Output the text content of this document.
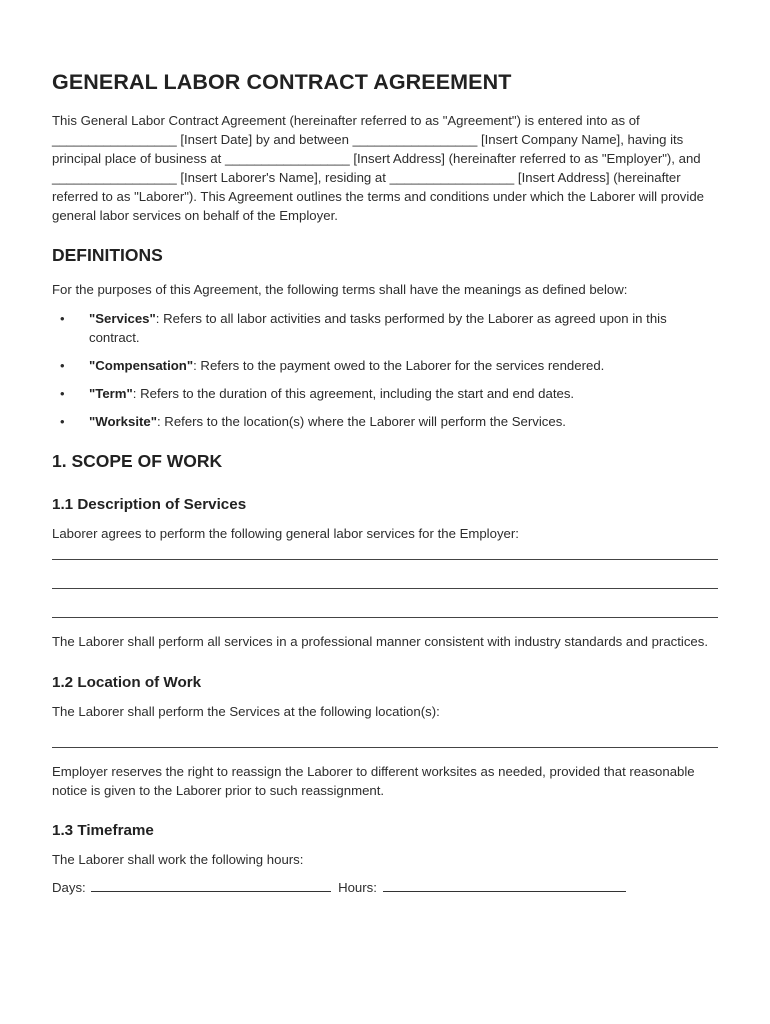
GENERAL LABOR CONTRACT AGREEMENT

This General Labor Contract Agreement (hereinafter referred to as "Agreement") is entered into as of _________________ [Insert Date] by and between _________________ [Insert Company Name], having its principal place of business at _________________ [Insert Address] (hereinafter referred to as "Employer"), and _________________ [Insert Laborer's Name], residing at _________________ [Insert Address] (hereinafter referred to as "Laborer"). This Agreement outlines the terms and conditions under which the Laborer will provide general labor services on behalf of the Employer.

DEFINITIONS

For the purposes of this Agreement, the following terms shall have the meanings as defined below:

• "Services": Refers to all labor activities and tasks performed by the Laborer as agreed upon in this contract.
• "Compensation": Refers to the payment owed to the Laborer for the services rendered.
• "Term": Refers to the duration of this agreement, including the start and end dates.
• "Worksite": Refers to the location(s) where the Laborer will perform the Services.
1. SCOPE OF WORK
1.1 Description of Services

Laborer agrees to perform the following general labor services for the Employer:

The Laborer shall perform all services in a professional manner consistent with industry standards and practices.

1.2 Location of Work

The Laborer shall perform the Services at the following location(s):

Employer reserves the right to reassign the Laborer to different worksites as needed, provided that reasonable notice is given to the Laborer prior to such reassignment.

1.3 Timeframe

The Laborer shall work the following hours:

Days:	Hours:
